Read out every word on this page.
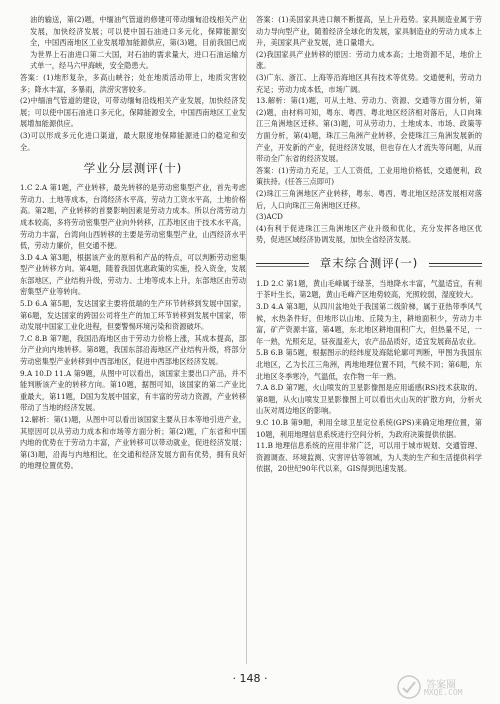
油的输送，第(2)题，中缅油气管道的修建可带动缅甸沿线相关产业发展，加快经济发展；可以使中国石油进口多元化，保障能源安全，中国西南地区工业发展增加能源供应，第(3)题，目前我国已成为世界上石油进口第二大国，对石油的需求量大，进口石油运输方式单一，经马六甲海峡，安全隐患大。

答案：(1)地形复杂，多高山峡谷；处在地质活动带上，地质灾害较多；降水丰富，多暴雨，洪涝灾害较多。

(2)中缅油气管道的建设，可带动缅甸沿线相关产业发展，加快经济发展；可以使中国石油进口多元化，保障能源安全，中国西南地区工业发展增加能源供应。

(3)可以形成多元化进口渠道，最大限度地保障能源进口的稳定和安全。

学业分层测评(十)

1.C 2.A 第1题，产业转移，最先转移的是劳动密集型产业，首先考虑劳动力、土地等成本，台湾经济水平高，劳动力工资水平高，土地价格高。第2题，产业转移的首要影响因素是劳动力成本。所以台湾劳动力成本较高，多将劳动密集型产业向外转移，江苏地区由于技术水平高，劳动力丰富，台湾向山西转移的主要是劳动密集型产业，山西经济水平低，劳动力廉价，但交通不便。

3.D 4.A 第3题，根据该产业的原料和产品的特点，可以判断劳动密集型产业转移方向。第4题，随着我国优惠政策的实施，投入资金，发展东部地区，产业结构升级，劳动力、土地等成本上升，东部地区由劳动密集型产业等转向。

5.D 6.A 第5题，发达国家主要将低端的生产环节转移到发展中国家，第6题，发达国家的跨国公司将生产的加工环节转移到发展中国家，带动发展中国家工业化进程，但要警惕环境污染和资源破坏。

7.C 8.B 第7题，我国沿海地区由于劳动力价格上涨，其成本提高，部分产业向内地转移。第8题，我国东部沿海地区产业结构升级，将部分劳动密集型产业转移到中西部地区，促进中西部地区经济发展。

9.A 10.D 11.A 第9题，从图中可以看出，该国家主要出口产品，并不能判断该产业的转移方向。第10题，据图可知，该国家的第二产业比重最大，第11题，D国为发展中国家，有丰富的劳动力资源，产业转移带动了当地的经济发展。

12.解析：第(1)题，从图中可以看出该国家主要从日本等地引进产业，其原因可以从劳动力成本和市场等方面分析；第(2)题，广东省和中国内地的优势在于劳动力丰富，产业转移可以带动就业，促进经济发展；第(3)题，沿海与内地相比，在交通和经济发展方面有优势，拥有良好的地理位置优势。

答案：(1)美国家具进口额不断提高，呈上升趋势。家具制造业属于劳动力导向型产业，随着经济全球化的发展，家具制造业的劳动力成本上升，美国家具产业发展，进口量增大。

(2)我国家具产业转移的原因：劳动力成本高；土地资源不足，地价上涨。

(3)广东、浙江、上海等沿海地区具有技术等优势。交通便利，劳动力充足；劳动力成本低，市场广阔。

13.解析：第(1)题，可从土地、劳动力、资源、交通等方面分析，第(2)题，由材料可知，粤东、粤西、粤北地区经济相对落后，人口向珠江三角洲地区迁移。第(3)题，可从劳动力、土地成本、市场、政策等方面分析，第(4)题，珠江三角洲产业转移，会使珠江三角洲发展新的产业，开发新的产业，促进经济发展，但也存在人才流失等问题，从而带动全广东省的经济发展。

答案：(1)劳动力充足，工人工资低，工业用地价格低，交通便利，政策扶持。(任答三点即可)

(2)珠江三角洲地区产业转移，粤东、粤西、粤北地区经济发展相对落后，人口向珠江三角洲地区迁移。

(3)ACD

(4)有利于促进珠江三角洲地区产业升级和优化，充分发挥各地区优势，促进区域经济协调发展，加快全省经济发展。

章末综合测评(一)

1.D 2.C 第1题，黄山毛峰属于绿茶，当地降水丰富，气温适宜，有利于茶叶生长，第2题，黄山毛峰产区地势较高，光照较弱，湿度较大。

3.D 4.A 第3题，从四川盆地处于我国第二级阶梯，属于亚热带季风气候，水热条件好，但地形以山地、丘陵为主，耕地面积少，劳动力丰富，矿产资源丰富，第4题，东北地区耕地面积广大，但热量不足，一年一熟，光照充足，昼夜温差大，农产品品质好，适宜发展商品农业。

5.B 6.B 第5题，根据图示的经纬度及海陆轮廓可判断，甲图为我国东北地区，乙为长江三角洲，两地地理位置不同，气候不同；第6题，东北地区冬季寒冷，气温低，农作物一年一熟。

7.A 8.D 第7题，火山喷发的卫星影像图是应用遥感(RS)技术获取的。第8题，从火山喷发卫星影像图上可以看出火山灰的扩散方向，分析火山灰对周边地区的影响。

9.C 10.B 第9题，利用全球卫星定位系统(GPS)来确定地理位置，第10题，利用地理信息系统进行空间分析，为政府决策提供依据。

11.B 地理信息系统的应用非常广泛，可以用于城市规划、交通管理、资源调查、环境监测、灾害评估等领域，为人类的生产和生活提供科学依据，20世纪90年代以来，GIS得到迅速发展。

· 148 ·
答案圈
MXQE.COM
